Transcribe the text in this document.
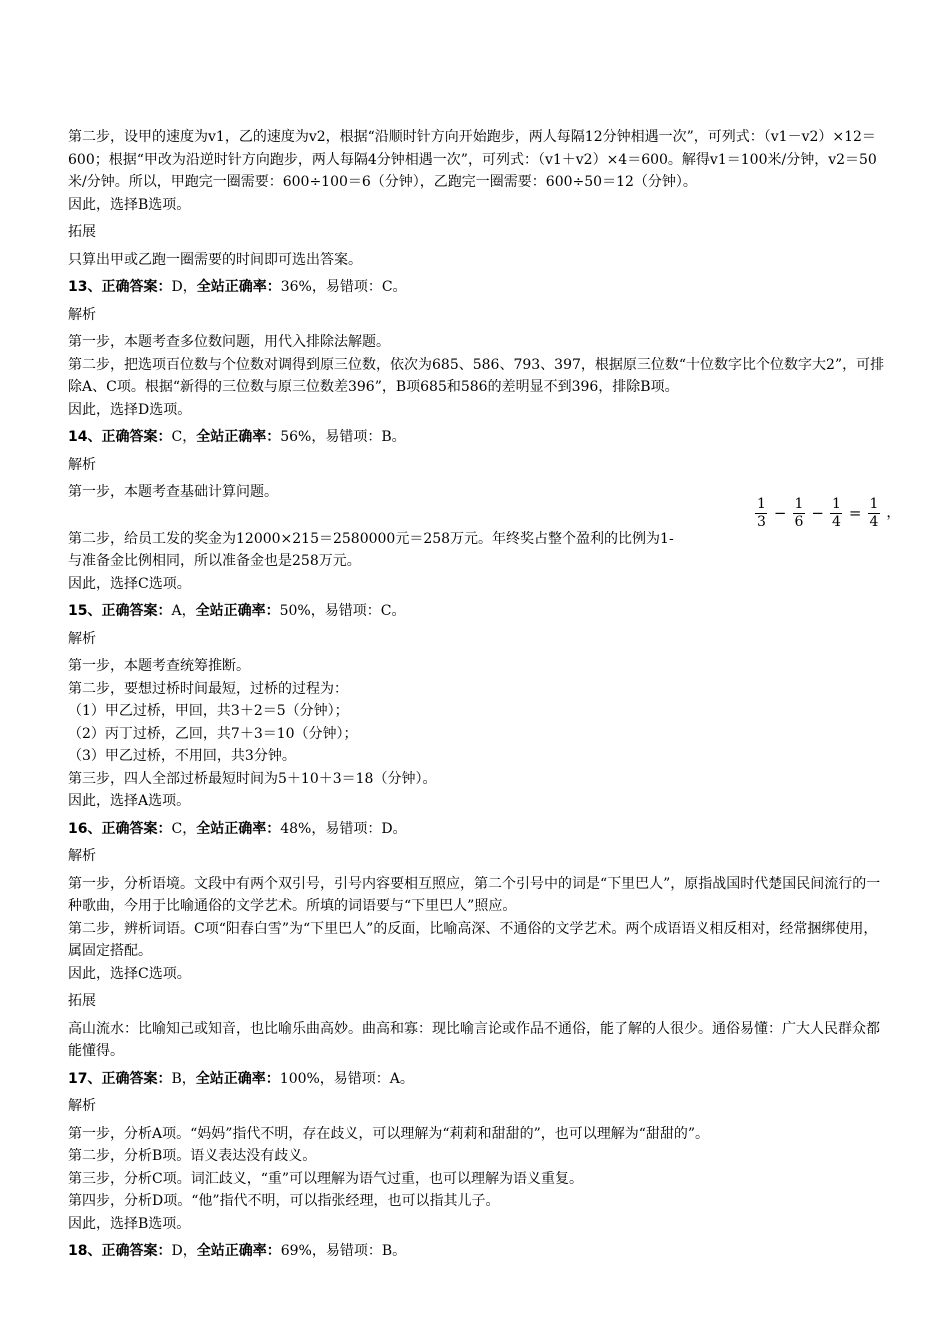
第二步，设甲的速度为v1，乙的速度为v2，根据“沿顺时针方向开始跑步，两人每隔12分钟相遇一次”，可列式：（v1－v2）×12＝600；根据“甲改为沿逆时针方向跑步，两人每隔4分钟相遇一次”，可列式：（v1＋v2）×4＝600。解得v1＝100米/分钟，v2＝50米/分钟。所以，甲跑完一圈需要：600÷100＝6（分钟），乙跑完一圈需要：600÷50＝12（分钟）。

因此，选择B选项。

拓展

只算出甲或乙跑一圈需要的时间即可选出答案。

13、正确答案：D，全站正确率：36%，易错项：C。

解析

第一步，本题考查多位数问题，用代入排除法解题。

第二步，把选项百位数与个位数对调得到原三位数，依次为685、586、793、397，根据原三位数“十位数字比个位数字大2”，可排除A、C项。根据“新得的三位数与原三位数差396”，B项685和586的差明显不到396，排除B项。

因此，选择D选项。

14、正确答案：C，全站正确率：56%，易错项：B。

解析

第一步，本题考查基础计算问题。

第二步，给员工发的奖金为12000×215＝2580000元＝258万元。年终奖占整个盈利的比例为1-
$\frac{1}{3} - \frac{1}{6} - \frac{1}{4} = \frac{1}{4}$ ，

与准备金比例相同，所以准备金也是258万元。

因此，选择C选项。

15、正确答案：A，全站正确率：50%，易错项：C。

解析

第一步，本题考查统筹推断。

第二步，要想过桥时间最短，过桥的过程为：

（1）甲乙过桥，甲回，共3＋2＝5（分钟）；

（2）丙丁过桥，乙回，共7＋3＝10（分钟）；

（3）甲乙过桥，不用回，共3分钟。

第三步，四人全部过桥最短时间为5＋10＋3＝18（分钟）。

因此，选择A选项。

16、正确答案：C，全站正确率：48%，易错项：D。

解析

第一步，分析语境。文段中有两个双引号，引号内容要相互照应，第二个引号中的词是“下里巴人”，原指战国时代楚国民间流行的一种歌曲，今用于比喻通俗的文学艺术。所填的词语要与“下里巴人”照应。

第二步，辨析词语。C项“阳春白雪”为“下里巴人”的反面，比喻高深、不通俗的文学艺术。两个成语语义相反相对，经常捆绑使用，属固定搭配。

因此，选择C选项。

拓展

高山流水：比喻知己或知音，也比喻乐曲高妙。曲高和寡：现比喻言论或作品不通俗，能了解的人很少。通俗易懂：广大人民群众都能懂得。

17、正确答案：B，全站正确率：100%，易错项：A。

解析

第一步，分析A项。“妈妈”指代不明，存在歧义，可以理解为“莉莉和甜甜的”，也可以理解为“甜甜的”。

第二步，分析B项。语义表达没有歧义。

第三步，分析C项。词汇歧义，“重”可以理解为语气过重，也可以理解为语义重复。

第四步，分析D项。“他”指代不明，可以指张经理，也可以指其儿子。

因此，选择B选项。

18、正确答案：D，全站正确率：69%，易错项：B。
